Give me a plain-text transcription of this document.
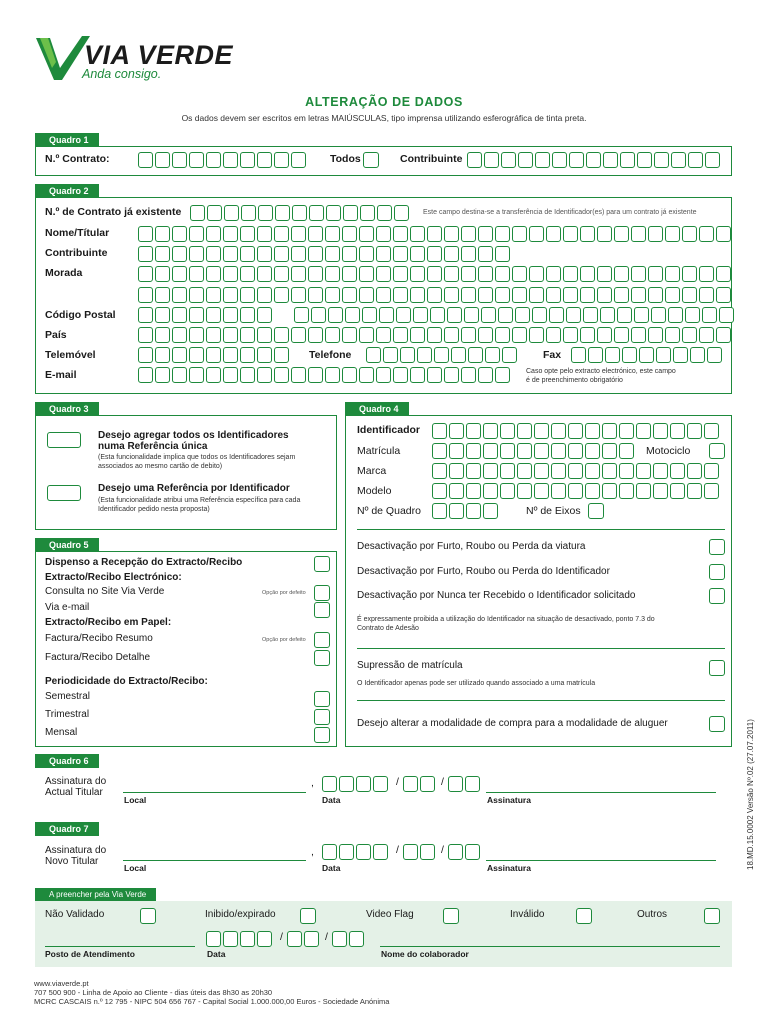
VIA VERDE
Anda consigo.
ALTERAÇÃO DE DADOS
Os dados devem ser escritos em letras MAIÚSCULAS, tipo imprensa utilizando esferográfica de tinta preta.
Quadro 1
N.º Contrato:	Todos	Contribuinte
Quadro 2
N.º de Contrato já existente	Este campo destina-se a transferência de Identificador(es) para um contrato já existente
Nome/Títular
Contribuinte
Morada
Código Postal
País
Telemóvel	Telefone	Fax
E-mail	Caso opte pelo extracto electrónico, este campo é de preenchimento obrigatório
Quadro 3
Desejo agregar todos os Identificadores numa Referência única
(Esta funcionalidade implica que todos os Identificadores sejam associados ao mesmo cartão de debito)
Desejo uma Referência por Identificador
(Esta funcionalidade atribui uma Referência específica para cada Identificador pedido nesta proposta)
Quadro 4
Identificador
Matrícula	Motociclo
Marca
Modelo
Nº de Quadro	Nº de Eixos
Desactivação por Furto, Roubo ou Perda da viatura
Desactivação por Furto, Roubo ou Perda do Identificador
Desactivação por Nunca ter Recebido o Identificador solicitado
É expressamente proibida a utilização do Identificador na situação de desactivado, ponto 7.3 do Contrato de Adesão
Supressão de matrícula
O Identificador apenas pode ser utilizado quando associado a uma matrícula
Desejo alterar a modalidade de compra para a modalidade de aluguer
Quadro 5
Dispenso a Recepção do Extracto/Recibo
Extracto/Recibo Electrónico:
Consulta no Site Via Verde	Opção por defeito
Via e-mail
Extracto/Recibo em Papel:
Factura/Recibo Resumo	Opção por defeito
Factura/Recibo Detalhe
Periodicidade do Extracto/Recibo:
Semestral
Trimestral
Mensal
Quadro 6
Assinatura do Actual Titular
Local
,	/	/
Data	Assinatura
Quadro 7
Assinatura do Novo Titular
Local
,	/	/
Data	Assinatura
A preencher pela Via Verde
Não Validado	Inibido/expirado	Video Flag	Inválido	Outros
Posto de Atendimento
/	/
Data	Nome do colaborador
www.viaverde.pt
707 500 900 - Linha de Apoio ao Cliente - dias úteis das 8h30 as 20h30
MCRC CASCAIS n.º 12 795 - NIPC 504 656 767 - Capital Social 1.000.000,00 Euros - Sociedade Anónima
18.MD.15.0002 Versão Nº.02 (27.07.2011)
